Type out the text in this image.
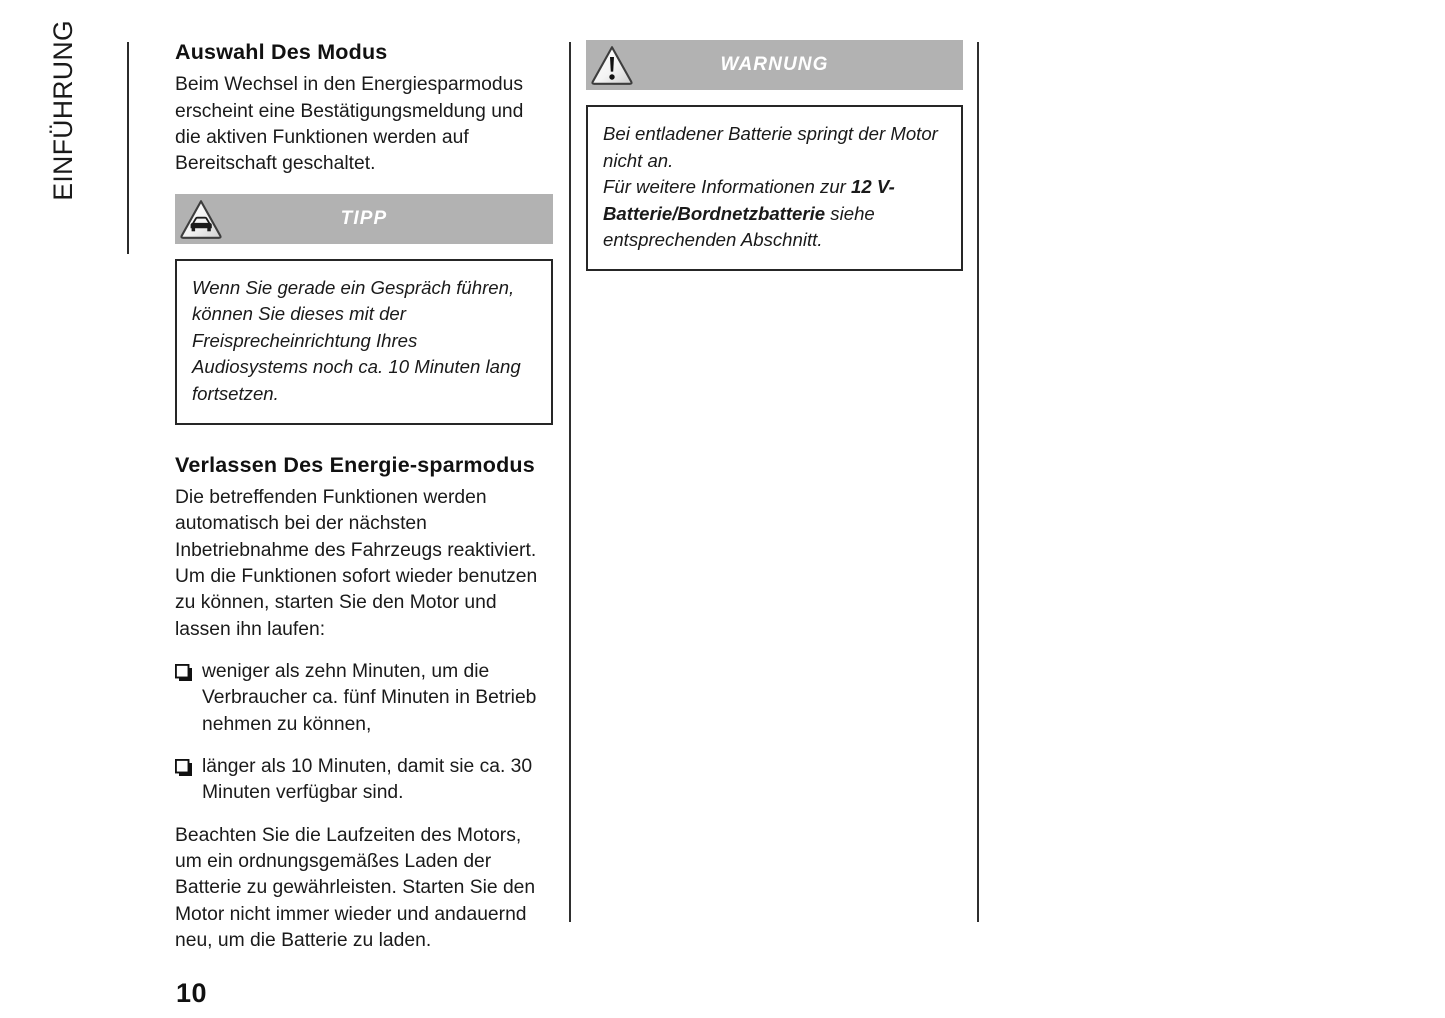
EINFÜHRUNG	Auswahl Des Modus

Beim Wechsel in den Energiesparmodus erscheint eine Bestätigungsmeldung und die aktiven Funktionen werden auf Bereitschaft geschaltet.

TIPP

Wenn Sie gerade ein Gespräch führen, können Sie dieses mit der Freisprecheinrichtung Ihres Audiosystems noch ca. 10 Minuten lang fortsetzen.

Verlassen Des Energie-sparmodus

Die betreffenden Funktionen werden automatisch bei der nächsten Inbetriebnahme des Fahrzeugs reaktiviert. Um die Funktionen sofort wieder benutzen zu können, starten Sie den Motor und lassen ihn laufen:

weniger als zehn Minuten, um die Verbraucher ca. fünf Minuten in Betrieb nehmen zu können,
länger als 10 Minuten, damit sie ca. 30 Minuten verfügbar sind.

Beachten Sie die Laufzeiten des Motors, um ein ordnungsgemäßes Laden der Batterie zu gewährleisten. Starten Sie den Motor nicht immer wieder und andauernd neu, um die Batterie zu laden.

WARNUNG

Bei entladener Batterie springt der Motor nicht an.
Für weitere Informationen zur 12 V-Batterie/Bordnetzbatterie siehe entsprechenden Abschnitt.

10
